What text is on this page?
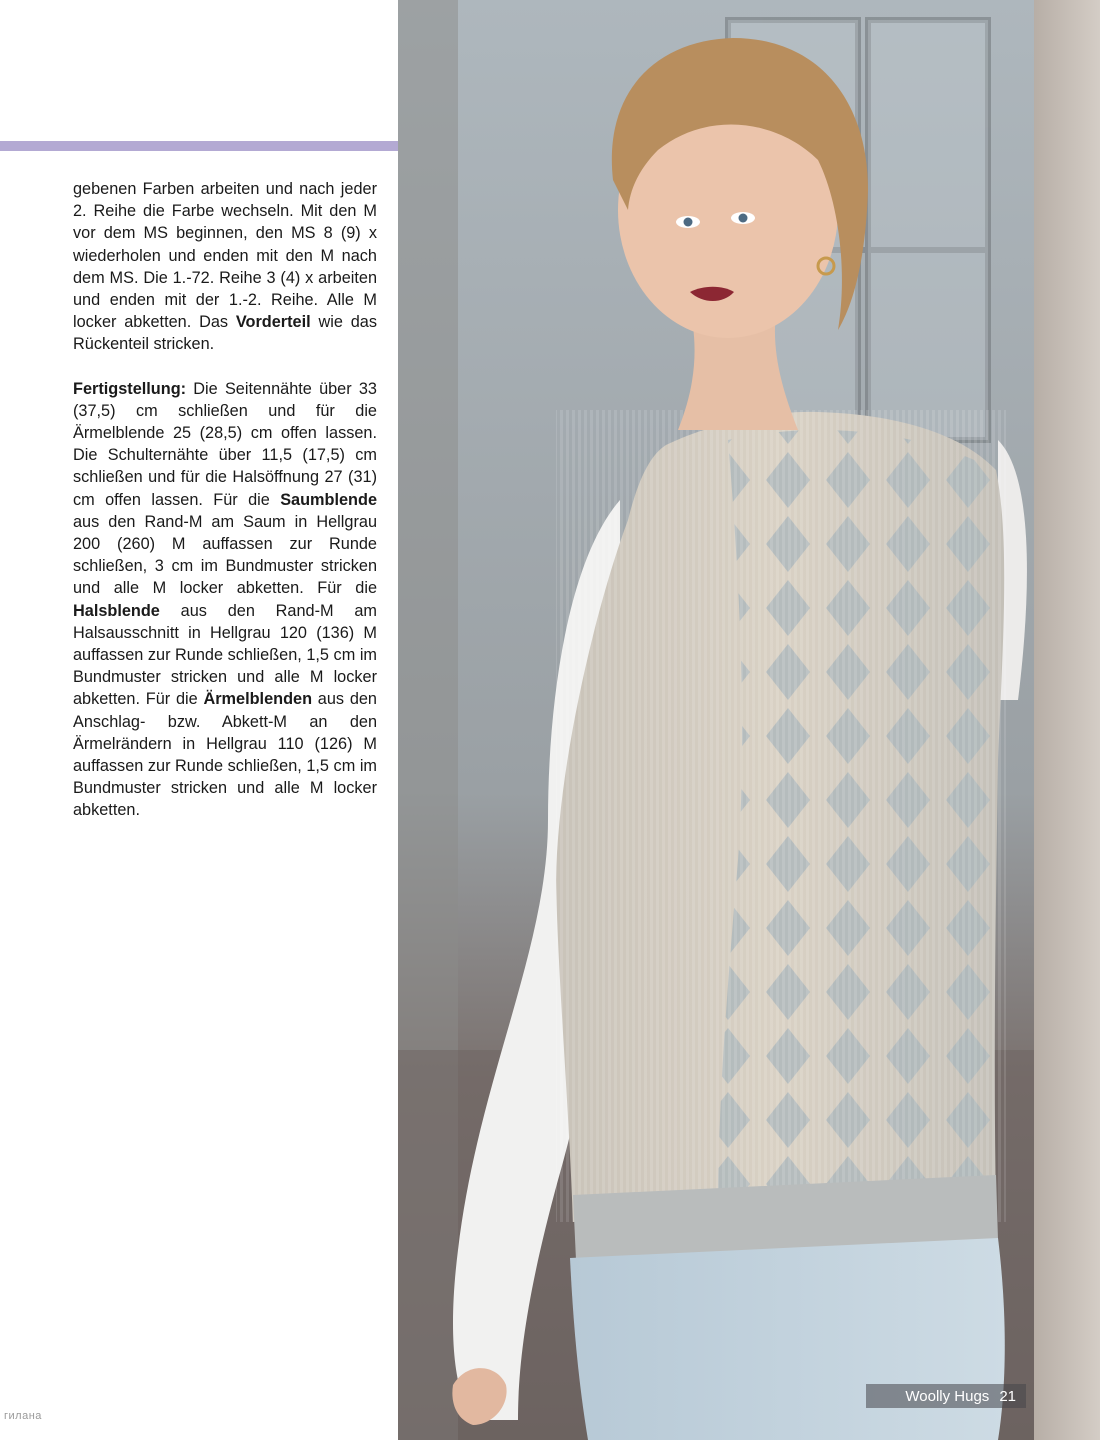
gebenen Farben arbeiten und nach jeder 2. Reihe die Farbe wechseln. Mit den M vor dem MS beginnen, den MS 8 (9) x wiederholen und enden mit den M nach dem MS. Die 1.-72. Reihe 3 (4) x arbeiten und enden mit der 1.-2. Reihe. Alle M locker abketten. Das Vorderteil wie das Rückenteil stricken.

Fertigstellung: Die Seitennähte über 33 (37,5) cm schließen und für die Ärmelblende 25 (28,5) cm offen lassen. Die Schulternähte über 11,5 (17,5) cm schließen und für die Halsöffnung 27 (31) cm offen lassen. Für die Saumblende aus den Rand-M am Saum in Hellgrau 200 (260) M auffassen zur Runde schließen, 3 cm im Bundmuster stricken und alle M locker abketten. Für die Halsblende aus den Rand-M am Halsausschnitt in Hellgrau 120 (136) M auffassen zur Runde schließen, 1,5 cm im Bundmuster stricken und alle M locker abketten. Für die Ärmelblenden aus den Anschlag- bzw. Abkett-M an den Ärmelrändern in Hellgrau 110 (126) M auffassen zur Runde schließen, 1,5 cm im Bundmuster stricken und alle M locker abketten.

гилана
Woolly Hugs 21
